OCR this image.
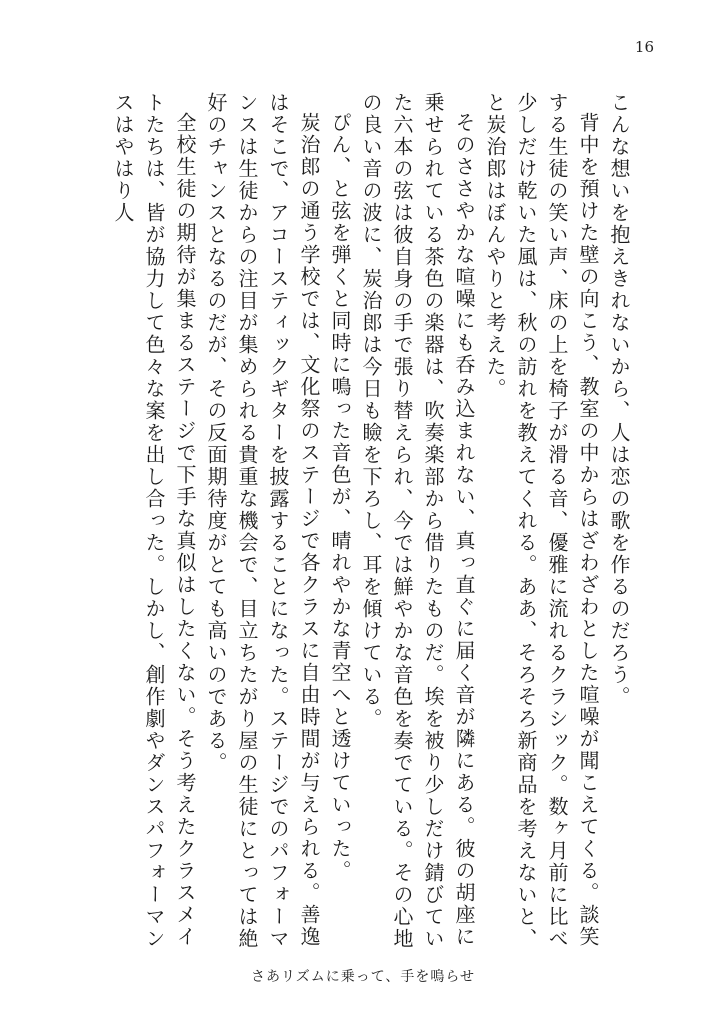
16

こんな想いを抱えきれないから、人は恋の歌を作るのだろう。

背中を預けた壁の向こう、教室の中からはざわざわとした喧噪が聞こえてくる。談笑する生徒の笑い声、床の上を椅子が滑る音、優雅に流れるクラシック。数ヶ月前に比べ少しだけ乾いた風は、秋の訪れを教えてくれる。ああ、そろそろ新商品を考えないと、と炭治郎はぼんやりと考えた。

そのささやかな喧噪にも呑み込まれない、真っ直ぐに届く音が隣にある。彼の胡座に乗せられている茶色の楽器は、吹奏楽部から借りたものだ。埃を被り少しだけ錆びていた六本の弦は彼自身の手で張り替えられ、今では鮮やかな音色を奏でている。その心地の良い音の波に、炭治郎は今日も瞼を下ろし、耳を傾けている。

ぴん、と弦を弾くと同時に鳴った音色が、晴れやかな青空へと透けていった。

炭治郎の通う学校では、文化祭のステージで各クラスに自由時間が与えられる。善逸はそこで、アコースティックギターを披露することになった。ステージでのパフォーマンスは生徒からの注目が集められる貴重な機会で、目立ちたがり屋の生徒にとっては絶好のチャンスとなるのだが、その反面期待度がとても高いのである。

全校生徒の期待が集まるステージで下手な真似はしたくない。そう考えたクラスメイトたちは、皆が協力して色々な案を出し合った。しかし、創作劇やダンスパフォーマンスはやはり人

さあリズムに乗って、手を鳴らせ
